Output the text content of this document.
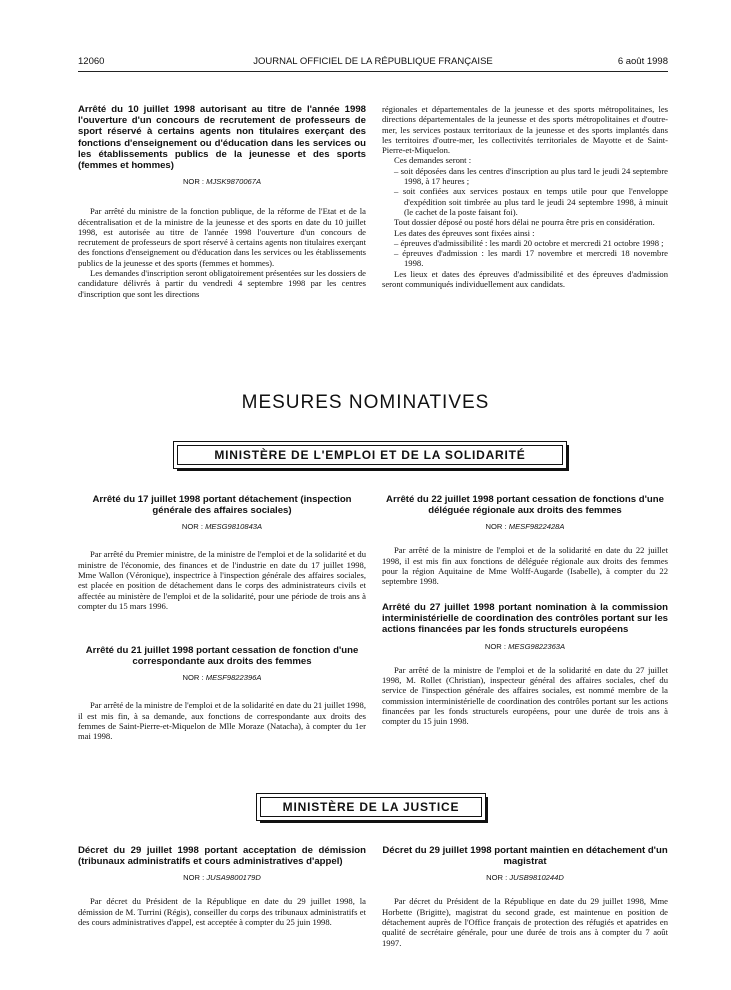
12060	JOURNAL OFFICIEL DE LA RÉPUBLIQUE FRANÇAISE	6 août 1998
Arrêté du 10 juillet 1998 autorisant au titre de l'année 1998 l'ouverture d'un concours de recrutement de professeurs de sport réservé à certains agents non titulaires exerçant des fonctions d'enseignement ou d'éducation dans les services ou les établissements publics de la jeunesse et des sports (femmes et hommes)
NOR : MJSK9870067A

Par arrêté du ministre de la fonction publique, de la réforme de l'Etat et de la décentralisation et de la ministre de la jeunesse et des sports en date du 10 juillet 1998, est autorisée au titre de l'année 1998 l'ouverture d'un concours de recrutement de professeurs de sport réservé à certains agents non titulaires exerçant des fonctions d'enseignement ou d'éducation dans les services ou les établissements publics de la jeunesse et des sports (femmes et hommes).

Les demandes d'inscription seront obligatoirement présentées sur les dossiers de candidature délivrés à partir du vendredi 4 septembre 1998 par les centres d'inscription que sont les directions

régionales et départementales de la jeunesse et des sports métropolitaines, les directions départementales de la jeunesse et des sports métropolitaines et d'outre-mer, les services postaux territoriaux de la jeunesse et des sports implantés dans les territoires d'outre-mer, les collectivités territoriales de Mayotte et de Saint-Pierre-et-Miquelon.

Ces demandes seront :

– soit déposées dans les centres d'inscription au plus tard le jeudi 24 septembre 1998, à 17 heures ;
– soit confiées aux services postaux en temps utile pour que l'enveloppe d'expédition soit timbrée au plus tard le jeudi 24 septembre 1998, à minuit (le cachet de la poste faisant foi).

Tout dossier déposé ou posté hors délai ne pourra être pris en considération.

Les dates des épreuves sont fixées ainsi :

– épreuves d'admissibilité : les mardi 20 octobre et mercredi 21 octobre 1998 ;
– épreuves d'admission : les mardi 17 novembre et mercredi 18 novembre 1998.

Les lieux et dates des épreuves d'admissibilité et des épreuves d'admission seront communiqués individuellement aux candidats.

MESURES NOMINATIVES
MINISTÈRE DE L'EMPLOI ET DE LA SOLIDARITÉ
Arrêté du 17 juillet 1998 portant détachement (inspection générale des affaires sociales)
NOR : MESG9810843A

Par arrêté du Premier ministre, de la ministre de l'emploi et de la solidarité et du ministre de l'économie, des finances et de l'industrie en date du 17 juillet 1998, Mme Wallon (Véronique), inspectrice à l'inspection générale des affaires sociales, est placée en position de détachement dans le corps des administrateurs civils et affectée au ministère de l'emploi et de la solidarité, pour une période de trois ans à compter du 15 mars 1996.

Arrêté du 21 juillet 1998 portant cessation de fonction d'une correspondante aux droits des femmes
NOR : MESF9822396A

Par arrêté de la ministre de l'emploi et de la solidarité en date du 21 juillet 1998, il est mis fin, à sa demande, aux fonctions de correspondante aux droits des femmes de Saint-Pierre-et-Miquelon de Mlle Moraze (Natacha), à compter du 1er mai 1998.

Arrêté du 22 juillet 1998 portant cessation de fonctions d'une déléguée régionale aux droits des femmes
NOR : MESF9822428A

Par arrêté de la ministre de l'emploi et de la solidarité en date du 22 juillet 1998, il est mis fin aux fonctions de déléguée régionale aux droits des femmes pour la région Aquitaine de Mme Wolff-Augarde (Isabelle), à compter du 22 septembre 1998.

Arrêté du 27 juillet 1998 portant nomination à la commission interministérielle de coordination des contrôles portant sur les actions financées par les fonds structurels européens
NOR : MESG9822363A

Par arrêté de la ministre de l'emploi et de la solidarité en date du 27 juillet 1998, M. Rollet (Christian), inspecteur général des affaires sociales, chef du service de l'inspection générale des affaires sociales, est nommé membre de la commission interministérielle de coordination des contrôles portant sur les actions financées par les fonds structurels européens, pour une durée de trois ans à compter du 15 juin 1998.

MINISTÈRE DE LA JUSTICE
Décret du 29 juillet 1998 portant acceptation de démission (tribunaux administratifs et cours administratives d'appel)
NOR : JUSA9800179D

Par décret du Président de la République en date du 29 juillet 1998, la démission de M. Turrini (Régis), conseiller du corps des tribunaux administratifs et des cours administratives d'appel, est acceptée à compter du 25 juin 1998.

Décret du 29 juillet 1998 portant maintien en détachement d'un magistrat
NOR : JUSB9810244D

Par décret du Président de la République en date du 29 juillet 1998, Mme Horbette (Brigitte), magistrat du second grade, est maintenue en position de détachement auprès de l'Office français de protection des réfugiés et apatrides en qualité de secrétaire générale, pour une durée de trois ans à compter du 7 août 1997.
